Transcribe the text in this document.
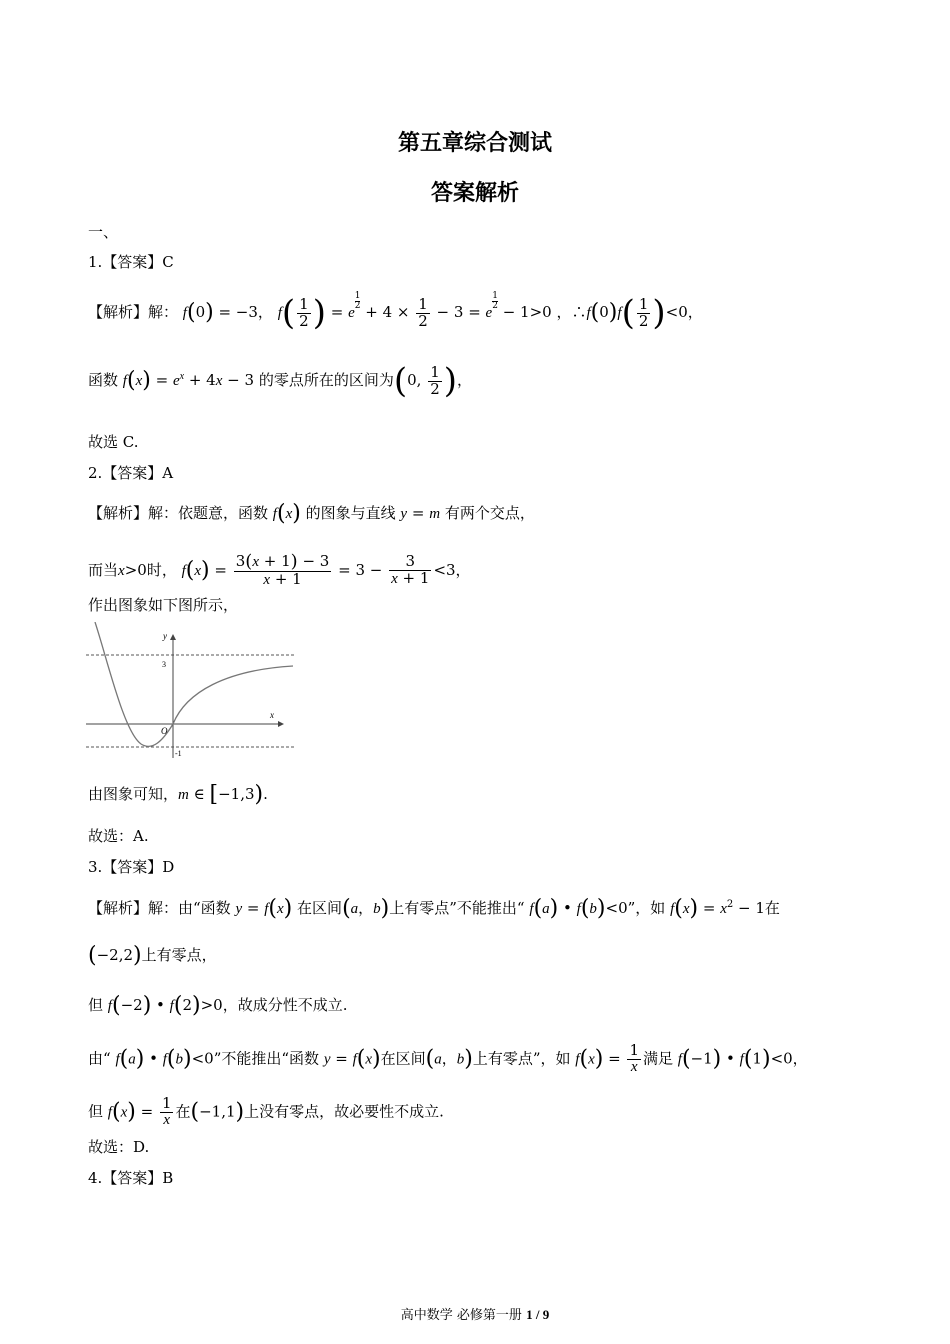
第五章综合测试
答案解析
一、
1.【答案】C
【解析】解： f(0) = −3， $f( \frac{1}{2}$ ) = e
$\frac{1}{2}$
+ $4 \times \frac{1}{2} - 3 = e$
$\frac{1}{2}$
− 1>0 ，∴f(0)f( $\frac{1}{2} )<0$，
函数 $f(x) = e^x + 4x - 3$ 的零点所在的区间为(0, $\frac{1}{2}$ )，
故选 C.
2.【答案】A
【解析】解：依题意，函数 f(x) 的图象与直线 y = m 有两个交点，
而当x>0时， $f(x) = \frac{3(x + 1) - 3}{x + 1} = 3 - \frac{3}{x + 1} <3$，
作出图象如下图所示，
y
x
O
3
-1
由图象可知，m ∈ [−1,3).
故选：A.
3.【答案】D
【解析】解：由“函数 y = f(x) 在区间(a，b)上有零点”不能推出“ f(a) • f(b)<0”，如 $f(x) = x^2 - 1$在
(−2,2)上有零点，
但 f(−2) • f(2)>0，故成分性不成立.
由“ f(a) • f(b)<0”不能推出“函数 y = f(x)在区间(a，b)上有零点”，如 $f(x) = \frac{1}{x}$ 满足 f(−1) • f(1)<0，
但 $f(x) = \frac{1}{x}$ 在(−1,1)上没有零点，故必要性不成立.
故选：D.
4.【答案】B
高中数学 必修第一册 1 / 9
